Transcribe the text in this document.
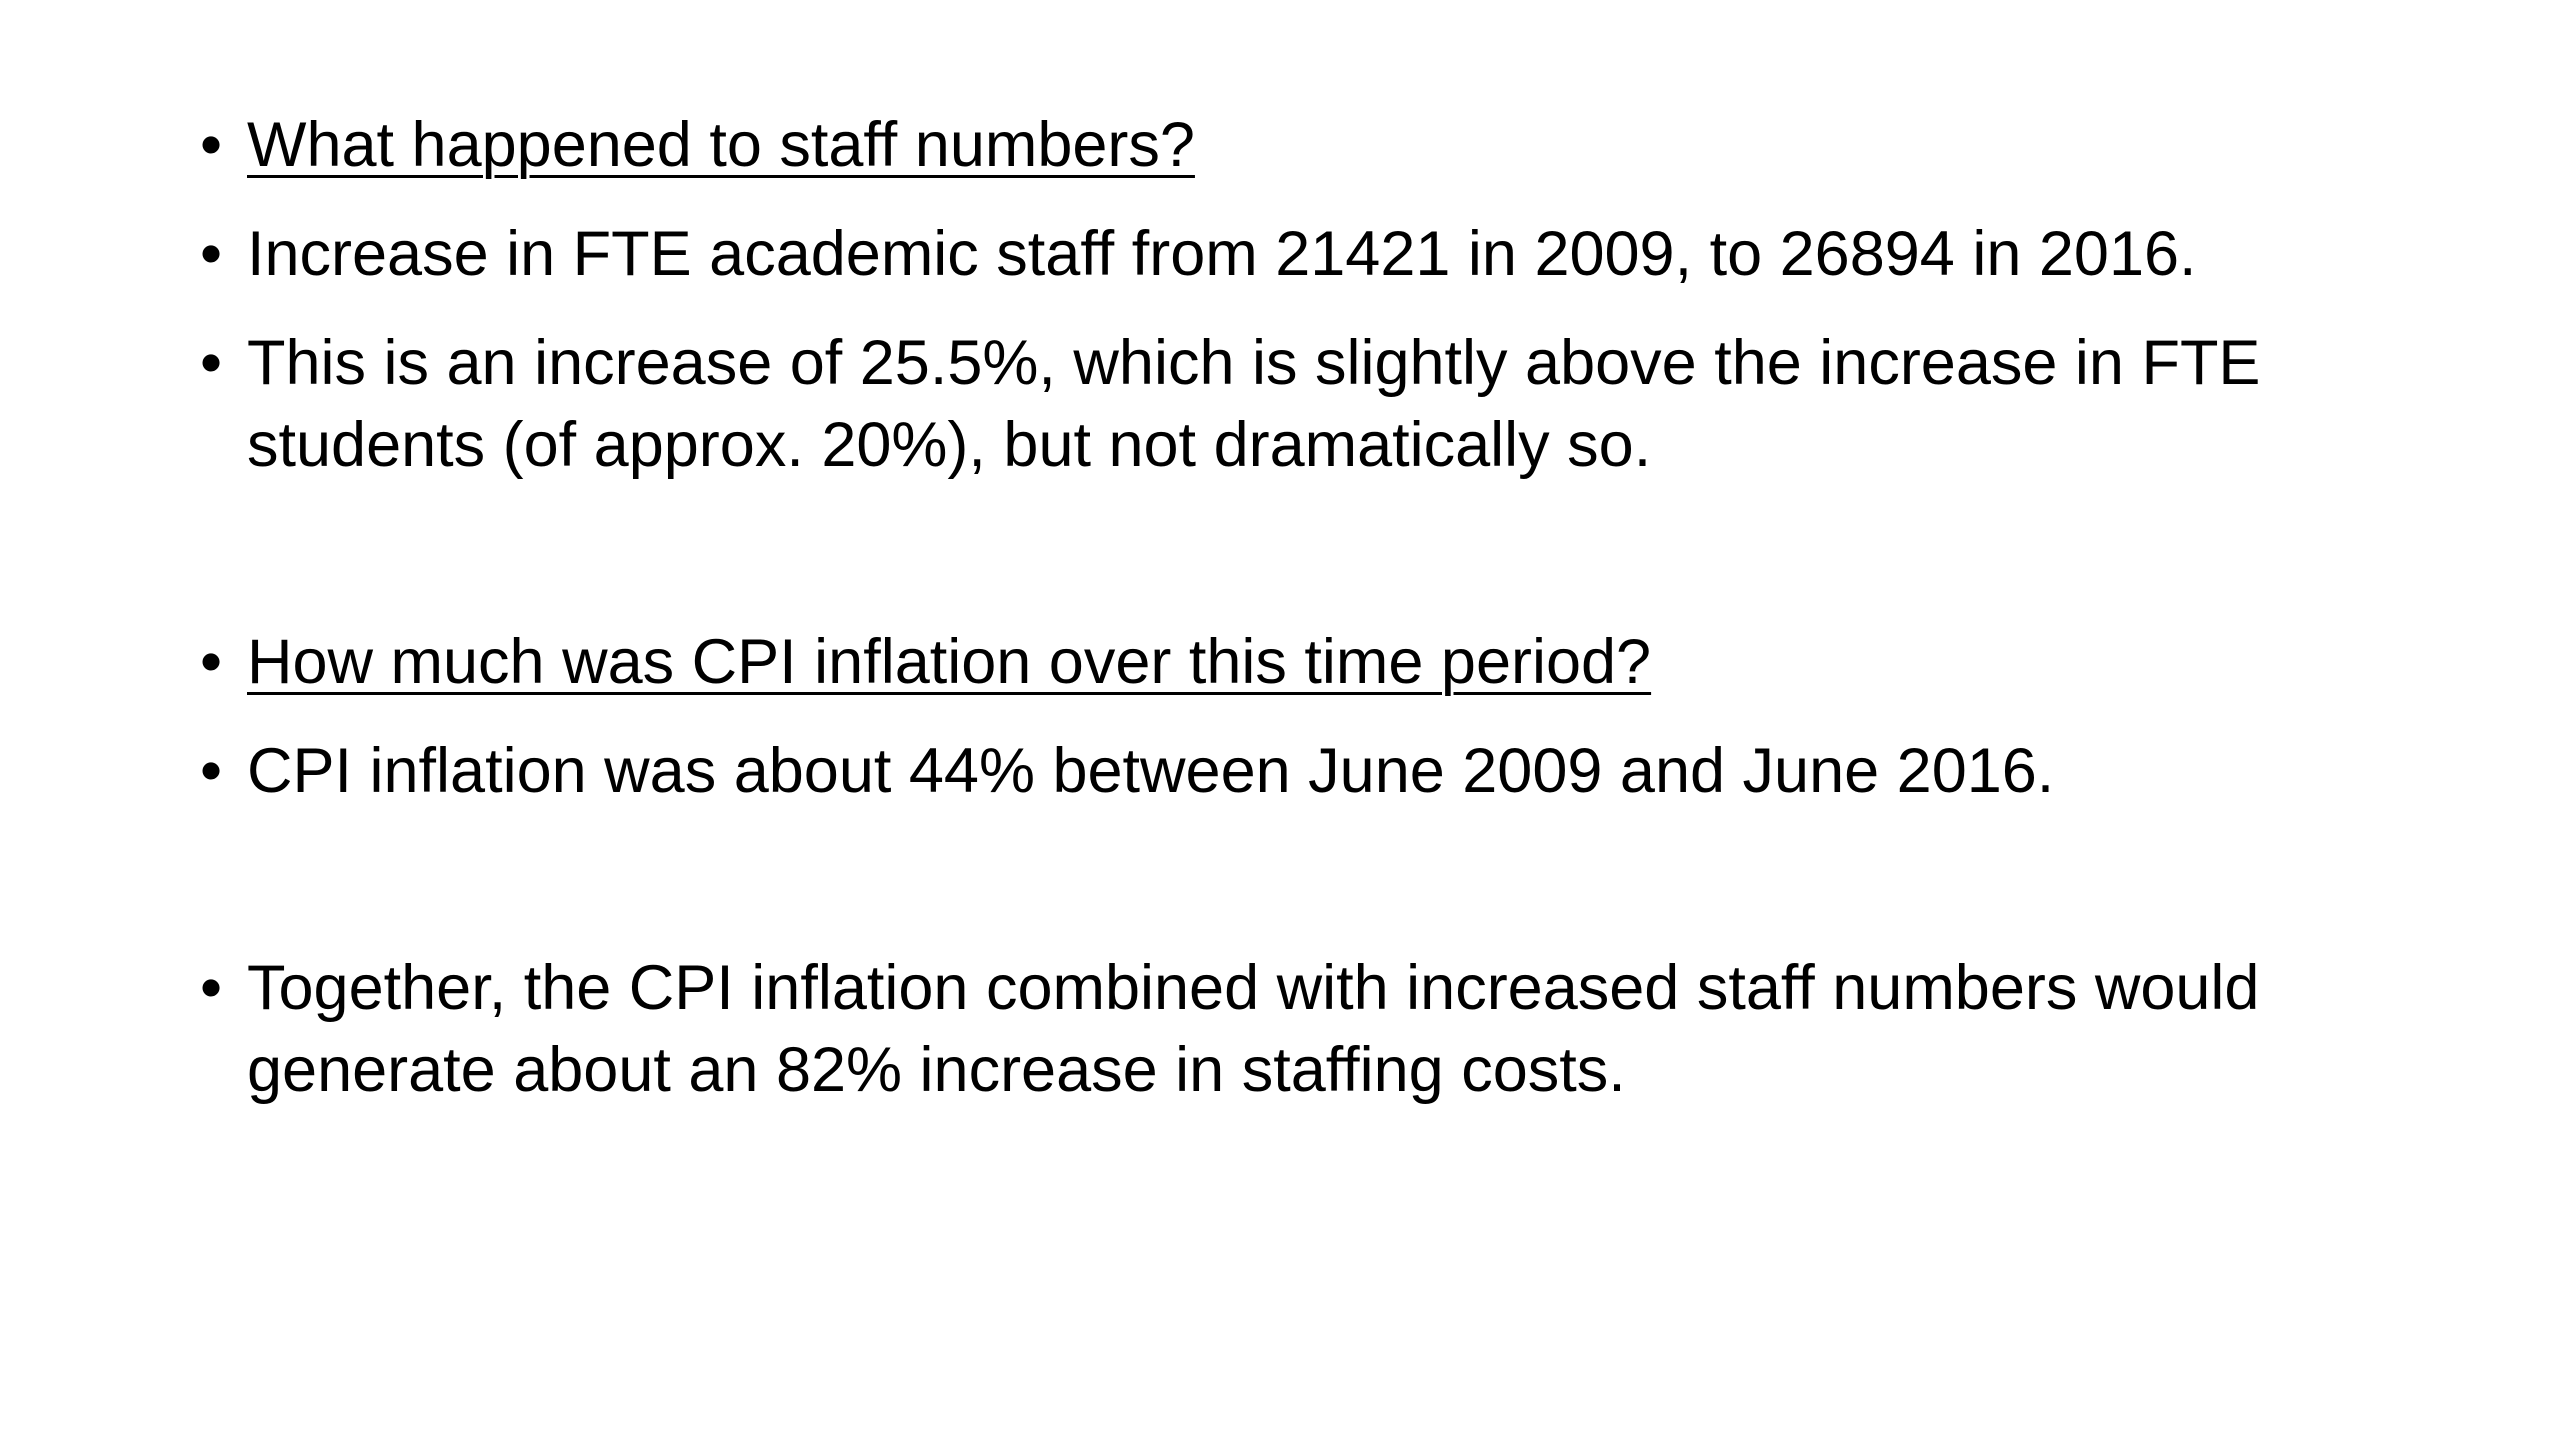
• What happened to staff numbers?
• Increase in FTE academic staff from 21421 in 2009, to 26894 in 2016.
• This is an increase of 25.5%, which is slightly above the increase in FTE students (of approx. 20%), but not dramatically so.
• How much was CPI inflation over this time period?
• CPI inflation was about 44% between June 2009 and June 2016.
• Together, the CPI inflation combined with increased staff numbers would generate about an 82% increase in staffing costs.
